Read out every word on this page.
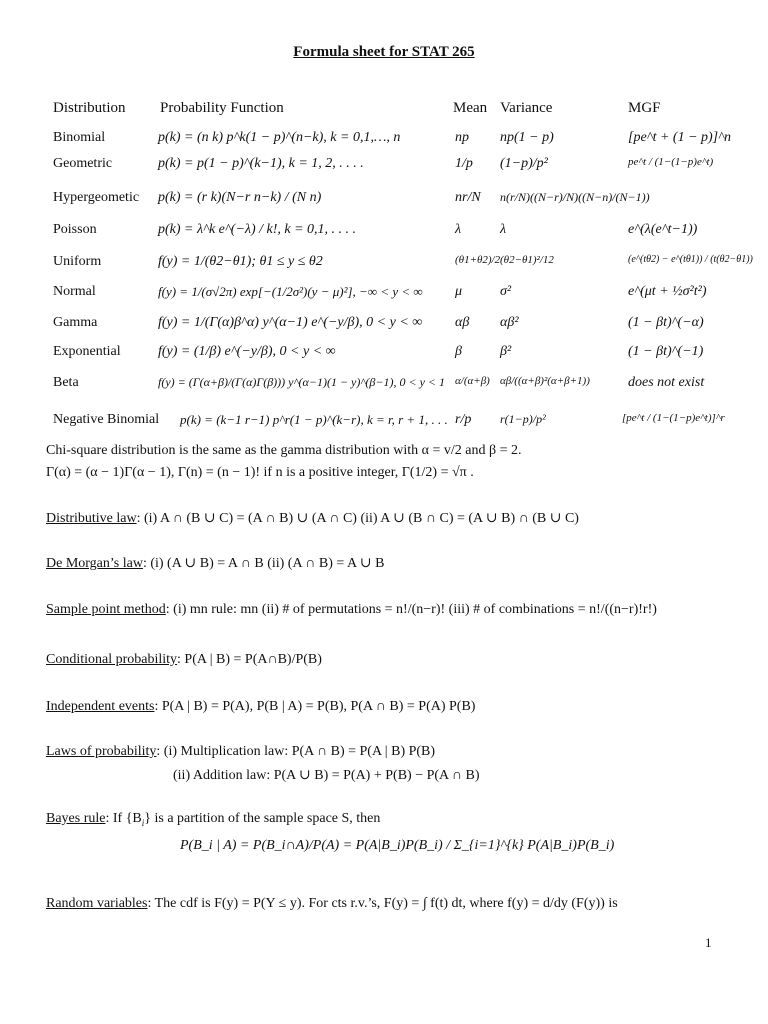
Formula sheet for STAT 265
Distribution Probability Function	Mean Variance	MGF
Binomial
Geometric
Hypergeometic
Poisson
Uniform
Normal
Gamma
Exponential
Beta
Negative Binomial
p(k) = (n k) p^k(1 − p)^(n−k), k = 0,1,…, n
p(k) = p(1 − p)^(k−1), k = 1, 2, . . . .
p(k) = (r k)(N−r n−k) / (N n)
p(k) = λ^k e^(−λ) / k!, k = 0,1, . . . .
f(y) = 1/(θ2−θ1); θ1 ≤ y ≤ θ2
f(y) = 1/(σ√2π) exp[−(1/2σ²)(y − μ)²], −∞ < y < ∞
f(y) = 1/(Γ(α)β^α) y^(α−1) e^(−y/β), 0 < y < ∞
f(y) = (1/β) e^(−y/β), 0 < y < ∞
f(y) = (Γ(α+β)/(Γ(α)Γ(β))) y^(α−1)(1 − y)^(β−1), 0 < y < 1
p(k) = (k−1 r−1) p^r(1 − p)^(k−r), k = r, r + 1, . . .
np
1/p
nr/N
λ
(θ1+θ2)/2
μ
αβ
β
α/(α+β)
r/p
np(1 − p)
(1−p)/p²
n(r/N)((N−r)/N)((N−n)/(N−1))
λ
(θ2−θ1)²/12
σ²
αβ²
β²
αβ/((α+β)²(α+β+1))
r(1−p)/p²
[pe^t + (1 − p)]^n
pe^t / (1−(1−p)e^t)
e^(λ(e^t−1))
(e^(tθ2) − e^(tθ1)) / (t(θ2−θ1))
e^(μt + ½σ²t²)
(1 − βt)^(−α)
(1 − βt)^(−1)
does not exist
[pe^t / (1−(1−p)e^t)]^r
Chi-square distribution is the same as the gamma distribution with α = v/2 and β = 2.
Γ(α) = (α − 1)Γ(α − 1), Γ(n) = (n − 1)! if n is a positive integer, Γ(1/2) = √π .
Distributive law: (i) A ∩ (B ∪ C) = (A ∩ B) ∪ (A ∩ C) (ii) A ∪ (B ∩ C) = (A ∪ B) ∩ (B ∪ C)
De Morgan’s law: (i) (A ∪ B) = A ∩ B (ii) (A ∩ B) = A ∪ B
Sample point method: (i) mn rule: mn (ii) # of permutations = n!/(n−r)! (iii) # of combinations = n!/((n−r)!r!)
Conditional probability: P(A | B) = P(A∩B)/P(B)
Independent events: P(A | B) = P(A), P(B | A) = P(B), P(A ∩ B) = P(A) P(B)
Laws of probability: (i) Multiplication law: P(A ∩ B) = P(A | B) P(B)
(ii) Addition law: P(A ∪ B) = P(A) + P(B) − P(A ∩ B)
Bayes rule: If $\{B_i\}$ is a partition of the sample space S, then
P(B_i | A) = P(B_i∩A)/P(A) = P(A|B_i)P(B_i) / Σ_{i=1}^{k} P(A|B_i)P(B_i)
Random variables: The cdf is F(y) = P(Y ≤ y). For cts r.v.’s, F(y) = ∫ f(t) dt, where f(y) = d/dy (F(y)) is
1
